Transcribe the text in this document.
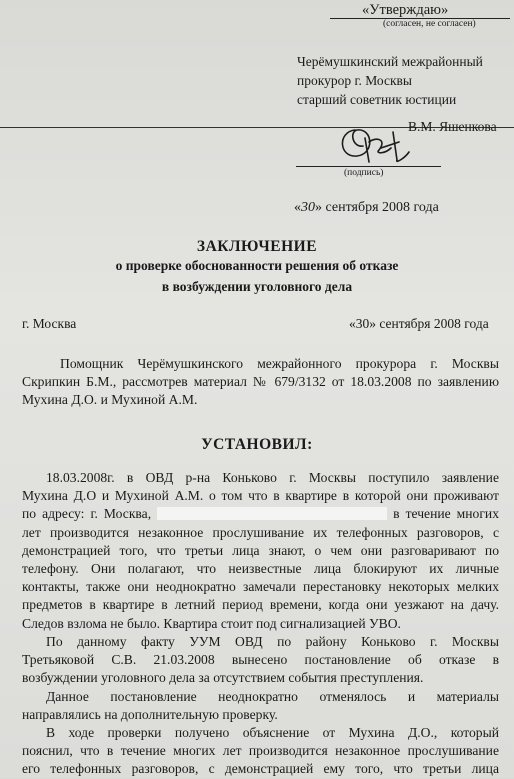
«Утверждаю»
(согласен, не согласен)
Черёмушкинский межрайонный
прокурор г. Москвы
старший советник юстиции
В.М. Яшенкова
(подпись)
«30» сентября 2008 года
ЗАКЛЮЧЕНИЕ
о проверке обоснованности решения об отказе
в возбуждении уголовного дела
г. Москва	«30» сентября 2008 года
Помощник Черёмушкинского межрайонного прокурора г. Москвы
Скрипкин Б.М., рассмотрев материал № 679/3132 от 18.03.2008 по заявлению
Мухина Д.О. и Мухиной А.М.
УСТАНОВИЛ:
18.03.2008г. в ОВД р-на Коньково г. Москвы поступило заявление
Мухина Д.О и Мухиной А.М. о том что в квартире в которой они проживают
по адресу: г. Москва,	в течение многих
лет производится незаконное прослушивание их телефонных разговоров, с
демонстрацией того, что третьи лица знают, о чем они разговаривают по
телефону. Они полагают, что неизвестные лица блокируют их личные
контакты, также они неоднократно замечали перестановку некоторых мелких
предметов в квартире в летний период времени, когда они уезжают на дачу.
Следов взлома не было. Квартира стоит под сигнализацией УВО.
По данному факту УУМ ОВД по району Коньково г. Москвы
Третьяковой С.В. 21.03.2008 вынесено постановление об отказе в
возбуждении уголовного дела за отсутствием события преступления.
Данное постановление неоднократно отменялось и материалы
направлялись на дополнительную проверку.
В ходе проверки получено объяснение от Мухина Д.О., который
пояснил, что в течение многих лет производится незаконное прослушивание
его телефонных разговоров, с демонстрацией ему того, что третьи лица
